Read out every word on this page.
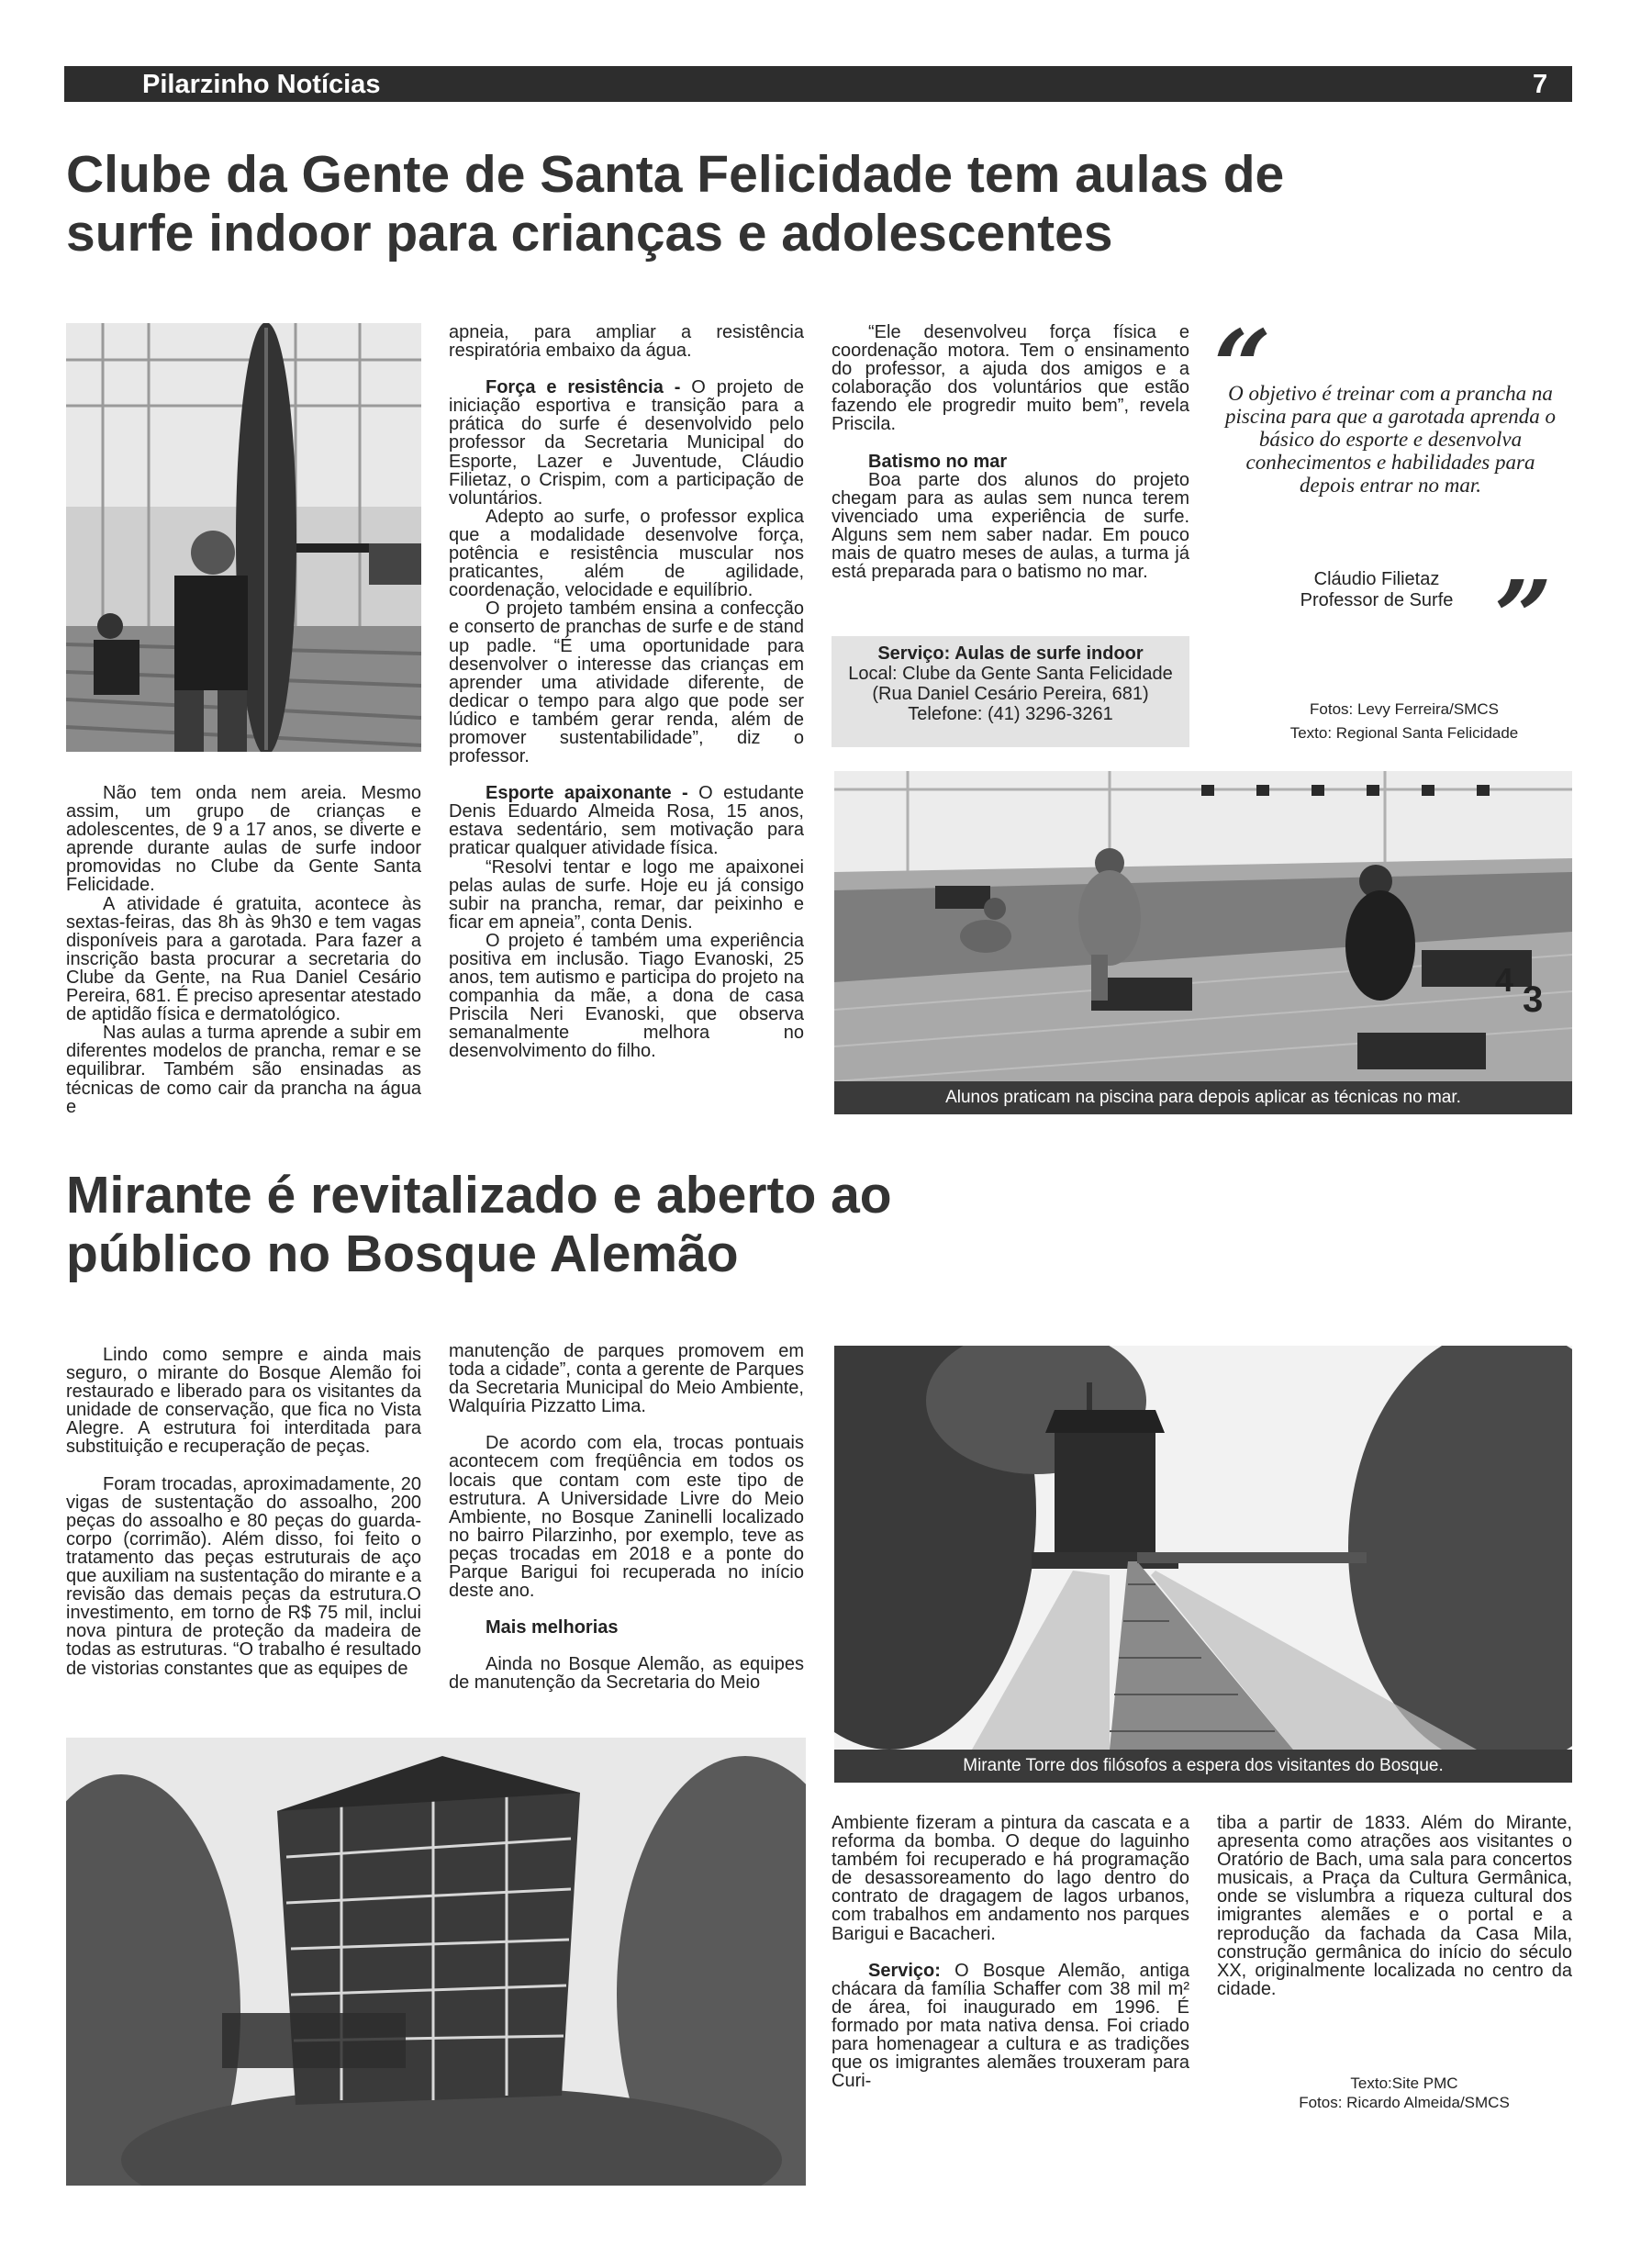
Pilarzinho Notícias	7
Clube da Gente de Santa Felicidade tem aulas de
surfe indoor para crianças e adolescentes

Não tem onda nem areia. Mesmo assim, um grupo de crianças e adolescentes, de 9 a 17 anos, se diverte e aprende durante aulas de surfe indoor promovidas no Clube da Gente Santa Felicidade.

A atividade é gratuita, acontece às sextas-feiras, das 8h às 9h30 e tem vagas disponíveis para a garotada. Para fazer a inscrição basta procurar a secretaria do Clube da Gente, na Rua Daniel Cesário Pereira, 681. É preciso apresentar atestado de aptidão física e dermatológico.

Nas aulas a turma aprende a subir em diferentes modelos de prancha, remar e se equilibrar. Também são ensinadas as técnicas de como cair da prancha na água e

apneia, para ampliar a resistência respiratória embaixo da água.

Força e resistência - O projeto de iniciação esportiva e transição para a prática do surfe é desenvolvido pelo professor da Secretaria Municipal do Esporte, Lazer e Juventude, Cláudio Filietaz, o Crispim, com a participação de voluntários.

Adepto ao surfe, o professor explica que a modalidade desenvolve força, potência e resistência muscular nos praticantes, além de agilidade, coordenação, velocidade e equilíbrio.

O projeto também ensina a confecção e conserto de pranchas de surfe e de stand up padle. “É uma oportunidade para desenvolver o interesse das crianças em aprender uma atividade diferente, de dedicar o tempo para algo que pode ser lúdico e também gerar renda, além de promover sustentabilidade”, diz o professor.

Esporte apaixonante - O estudante Denis Eduardo Almeida Rosa, 15 anos, estava sedentário, sem motivação para praticar qualquer atividade física.

“Resolvi tentar e logo me apaixonei pelas aulas de surfe. Hoje eu já consigo subir na prancha, remar, dar peixinho e ficar em apneia”, conta Denis.

O projeto é também uma experiência positiva em inclusão. Tiago Evanoski, 25 anos, tem autismo e participa do projeto na companhia da mãe, a dona de casa Priscila Neri Evanoski, que observa semanalmente melhora no desenvolvimento do filho.

“Ele desenvolveu força física e coordenação motora. Tem o ensinamento do professor, a ajuda dos amigos e a colaboração dos voluntários que estão fazendo ele progredir muito bem”, revela Priscila.

Batismo no mar

Boa parte dos alunos do projeto chegam para as aulas sem nunca terem vivenciado uma experiência de surfe. Alguns sem nem saber nadar. Em pouco mais de quatro meses de aulas, a turma já está preparada para o batismo no mar.

Serviço: Aulas de surfe indoor
Local: Clube da Gente Santa Felicidade
(Rua Daniel Cesário Pereira, 681)
Telefone: (41) 3296-3261
“
O objetivo é treinar com a prancha na piscina para que a garotada aprenda o básico do esporte e desenvolva conhecimentos e habilidades para depois entrar no mar.
Cláudio Filietaz
Professor de Surfe ”
Fotos: Levy Ferreira/SMCS
Texto: Regional Santa Felicidade
4 3
Alunos praticam na piscina para depois aplicar as técnicas no mar.
Mirante é revitalizado e aberto ao
público no Bosque Alemão

Lindo como sempre e ainda mais seguro, o mirante do Bosque Alemão foi restaurado e liberado para os visitantes da unidade de conservação, que fica no Vista Alegre. A estrutura foi interditada para substituição e recuperação de peças.

Foram trocadas, aproximadamente, 20 vigas de sustentação do assoalho, 200 peças do assoalho e 80 peças do guarda-corpo (corrimão). Além disso, foi feito o tratamento das peças estruturais de aço que auxiliam na sustentação do mirante e a revisão das demais peças da estrutura.O investimento, em torno de R$ 75 mil, inclui nova pintura de proteção da madeira de todas as estruturas. “O trabalho é resultado de vistorias constantes que as equipes de

manutenção de parques promovem em toda a cidade”, conta a gerente de Parques da Secretaria Municipal do Meio Ambiente, Walquíria Pizzatto Lima.

De acordo com ela, trocas pontuais acontecem com freqüência em todos os locais que contam com este tipo de estrutura. A Universidade Livre do Meio Ambiente, no Bosque Zaninelli localizado no bairro Pilarzinho, por exemplo, teve as peças trocadas em 2018 e a ponte do Parque Barigui foi recuperada no início deste ano.

Mais melhorias

Ainda no Bosque Alemão, as equipes de manutenção da Secretaria do Meio

Mirante Torre dos filósofos a espera dos visitantes do Bosque.

Ambiente fizeram a pintura da cascata e a reforma da bomba. O deque do laguinho também foi recuperado e há programação de desassoreamento do lago dentro do contrato de dragagem de lagos urbanos, com trabalhos em andamento nos parques Barigui e Bacacheri.

Serviço: O Bosque Alemão, antiga chácara da família Schaffer com 38 mil m² de área, foi inaugurado em 1996. É formado por mata nativa densa. Foi criado para homenagear a cultura e as tradições que os imigrantes alemães trouxeram para Curi-

tiba a partir de 1833. Além do Mirante, apresenta como atrações aos visitantes o Oratório de Bach, uma sala para concertos musicais, a Praça da Cultura Germânica, onde se vislumbra a riqueza cultural dos imigrantes alemães e o portal e a reprodução da fachada da Casa Mila, construção germânica do início do século XX, originalmente localizada no centro da cidade.

Texto:Site PMC
Fotos: Ricardo Almeida/SMCS
